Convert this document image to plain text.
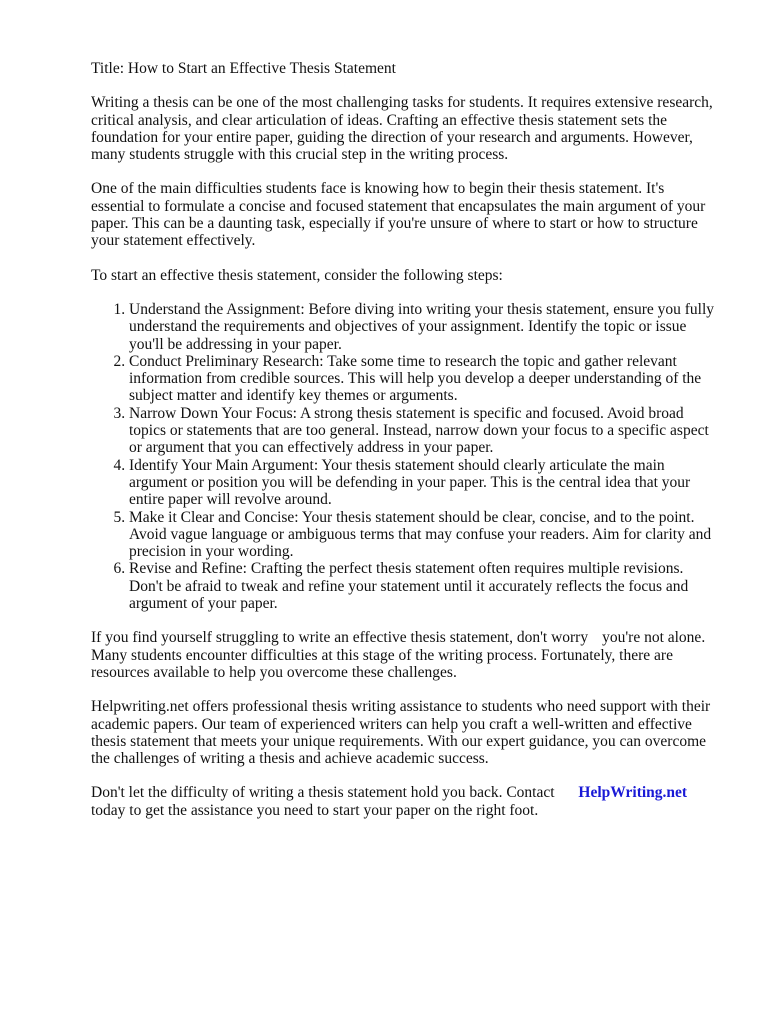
Title: How to Start an Effective Thesis Statement

Writing a thesis can be one of the most challenging tasks for students. It requires extensive research, critical analysis, and clear articulation of ideas. Crafting an effective thesis statement sets the foundation for your entire paper, guiding the direction of your research and arguments. However, many students struggle with this crucial step in the writing process.

One of the main difficulties students face is knowing how to begin their thesis statement. It's essential to formulate a concise and focused statement that encapsulates the main argument of your paper. This can be a daunting task, especially if you're unsure of where to start or how to structure your statement effectively.

To start an effective thesis statement, consider the following steps:

1. Understand the Assignment: Before diving into writing your thesis statement, ensure you fully understand the requirements and objectives of your assignment. Identify the topic or issue you'll be addressing in your paper.
2. Conduct Preliminary Research: Take some time to research the topic and gather relevant information from credible sources. This will help you develop a deeper understanding of the subject matter and identify key themes or arguments.
3. Narrow Down Your Focus: A strong thesis statement is specific and focused. Avoid broad topics or statements that are too general. Instead, narrow down your focus to a specific aspect or argument that you can effectively address in your paper.
4. Identify Your Main Argument: Your thesis statement should clearly articulate the main argument or position you will be defending in your paper. This is the central idea that your entire paper will revolve around.
5. Make it Clear and Concise: Your thesis statement should be clear, concise, and to the point. Avoid vague language or ambiguous terms that may confuse your readers. Aim for clarity and precision in your wording.
6. Revise and Refine: Crafting the perfect thesis statement often requires multiple revisions. Don't be afraid to tweak and refine your statement until it accurately reflects the focus and argument of your paper.

If you find yourself struggling to write an effective thesis statement, don't worry you're not alone. Many students encounter difficulties at this stage of the writing process. Fortunately, there are resources available to help you overcome these challenges.

Helpwriting.net offers professional thesis writing assistance to students who need support with their academic papers. Our team of experienced writers can help you craft a well-written and effective thesis statement that meets your unique requirements. With our expert guidance, you can overcome the challenges of writing a thesis and achieve academic success.

Don't let the difficulty of writing a thesis statement hold you back. Contact HelpWriting.net
today to get the assistance you need to start your paper on the right foot.
